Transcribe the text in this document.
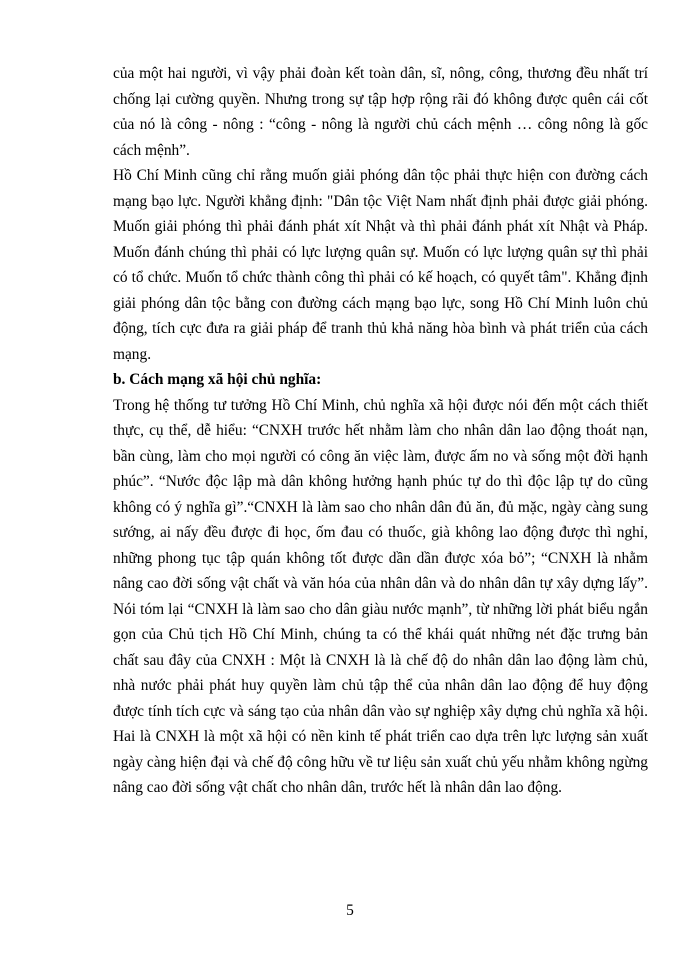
của một hai người, vì vậy phải đoàn kết toàn dân, sĩ, nông, công, thương đều nhất trí chống lại cường quyền. Nhưng trong sự tập hợp rộng rãi đó không được quên cái cốt của nó là công - nông : “công - nông là người chủ cách mệnh … công nông là gốc cách mệnh”.

Hồ Chí Minh cũng chỉ rằng muốn giải phóng dân tộc phải thực hiện con đường cách mạng bạo lực. Người khẳng định: "Dân tộc Việt Nam nhất định phải được giải phóng. Muốn giải phóng thì phải đánh phát xít Nhật và thì phải đánh phát xít Nhật và Pháp. Muốn đánh chúng thì phải có lực lượng quân sự. Muốn có lực lượng quân sự thì phải có tổ chức. Muốn tổ chức thành công thì phải có kế hoạch, có quyết tâm". Khẳng định giải phóng dân tộc bằng con đường cách mạng bạo lực, song Hồ Chí Minh luôn chủ động, tích cực đưa ra giải pháp để tranh thủ khả năng hòa bình và phát triển của cách mạng.

b. Cách mạng xã hội chủ nghĩa:

Trong hệ thống tư tưởng Hồ Chí Minh, chủ nghĩa xã hội được nói đến một cách thiết thực, cụ thể, dễ hiểu: “CNXH trước hết nhằm làm cho nhân dân lao động thoát nạn, bần cùng, làm cho mọi người có công ăn việc làm, được ấm no và sống một đời hạnh phúc”. “Nước độc lập mà dân không hưởng hạnh phúc tự do thì độc lập tự do cũng không có ý nghĩa gì”.“CNXH là làm sao cho nhân dân đủ ăn, đủ mặc, ngày càng sung sướng, ai nấy đều được đi học, ốm đau có thuốc, già không lao động được thì nghỉ, những phong tục tập quán không tốt được dần dần được xóa bỏ”; “CNXH là nhằm nâng cao đời sống vật chất và văn hóa của nhân dân và do nhân dân tự xây dựng lấy”. Nói tóm lại “CNXH là làm sao cho dân giàu nước mạnh”, từ những lời phát biểu ngắn gọn của Chủ tịch Hồ Chí Minh, chúng ta có thể khái quát những nét đặc trưng bản chất sau đây của CNXH : Một là CNXH là là chế độ do nhân dân lao động làm chủ, nhà nước phải phát huy quyền làm chủ tập thể của nhân dân lao động để huy động được tính tích cực và sáng tạo của nhân dân vào sự nghiệp xây dựng chủ nghĩa xã hội. Hai là CNXH là một xã hội có nền kinh tế phát triển cao dựa trên lực lượng sản xuất ngày càng hiện đại và chế độ công hữu về tư liệu sản xuất chủ yếu nhằm không ngừng nâng cao đời sống vật chất cho nhân dân, trước hết là nhân dân lao động.

5
